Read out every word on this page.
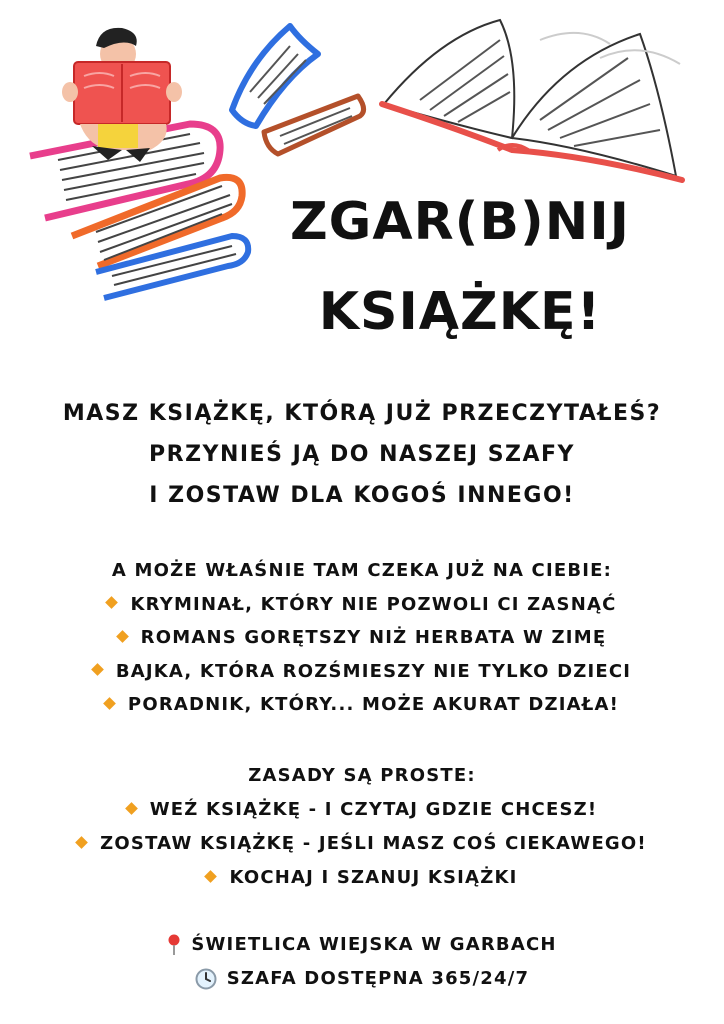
ZGAR(B)NIJ
KSIĄŻKĘ!
MASZ KSIĄŻKĘ, KTÓRĄ JUŻ PRZECZYTAŁEŚ?
PRZYNIEŚ JĄ DO NASZEJ SZAFY
I ZOSTAW DLA KOGOŚ INNEGO!
A MOŻE WŁAŚNIE TAM CZEKA JUŻ NA CIEBIE:
KRYMINAŁ, KTÓRY NIE POZWOLI CI ZASNĄĆ
ROMANS GORĘTSZY NIŻ HERBATA W ZIMĘ
BAJKA, KTÓRA ROZŚMIESZY NIE TYLKO DZIECI
PORADNIK, KTÓRY... MOŻE AKURAT DZIAŁA!
ZASADY SĄ PROSTE:
WEŹ KSIĄŻKĘ - I CZYTAJ GDZIE CHCESZ!
ZOSTAW KSIĄŻKĘ - JEŚLI MASZ COŚ CIEKAWEGO!
KOCHAJ I SZANUJ KSIĄŻKI
ŚWIETLICA WIEJSKA W GARBACH
SZAFA DOSTĘPNA 365/24/7
